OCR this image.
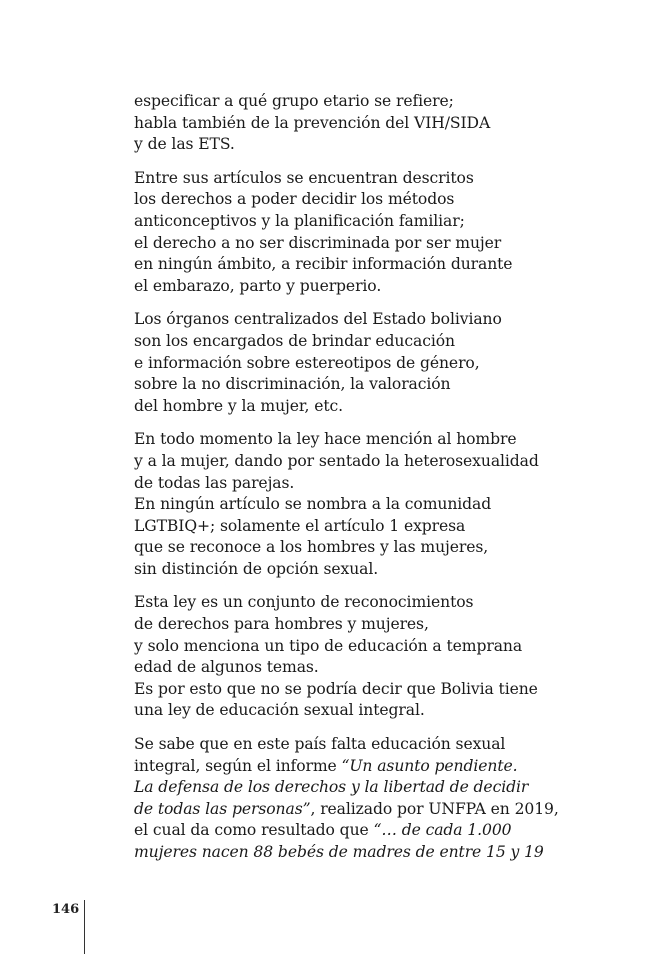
especificar a qué grupo etario se refiere;
habla también de la prevención del VIH/SIDA
y de las ETS.

Entre sus artículos se encuentran descritos
los derechos a poder decidir los métodos
anticonceptivos y la planificación familiar;
el derecho a no ser discriminada por ser mujer
en ningún ámbito, a recibir información durante
el embarazo, parto y puerperio.

Los órganos centralizados del Estado boliviano
son los encargados de brindar educación
e información sobre estereotipos de género,
sobre la no discriminación, la valoración
del hombre y la mujer, etc.

En todo momento la ley hace mención al hombre
y a la mujer, dando por sentado la heterosexualidad
de todas las parejas.
En ningún artículo se nombra a la comunidad
LGTBIQ+; solamente el artículo 1 expresa
que se reconoce a los hombres y las mujeres,
sin distinción de opción sexual.

Esta ley es un conjunto de reconocimientos
de derechos para hombres y mujeres,
y solo menciona un tipo de educación a temprana
edad de algunos temas.
Es por esto que no se podría decir que Bolivia tiene
una ley de educación sexual integral.

Se sabe que en este país falta educación sexual
integral, según el informe “Un asunto pendiente.
La defensa de los derechos y la libertad de decidir
de todas las personas”, realizado por UNFPA en 2019,
el cual da como resultado que “… de cada 1.000
mujeres nacen 88 bebés de madres de entre 15 y 19

146
